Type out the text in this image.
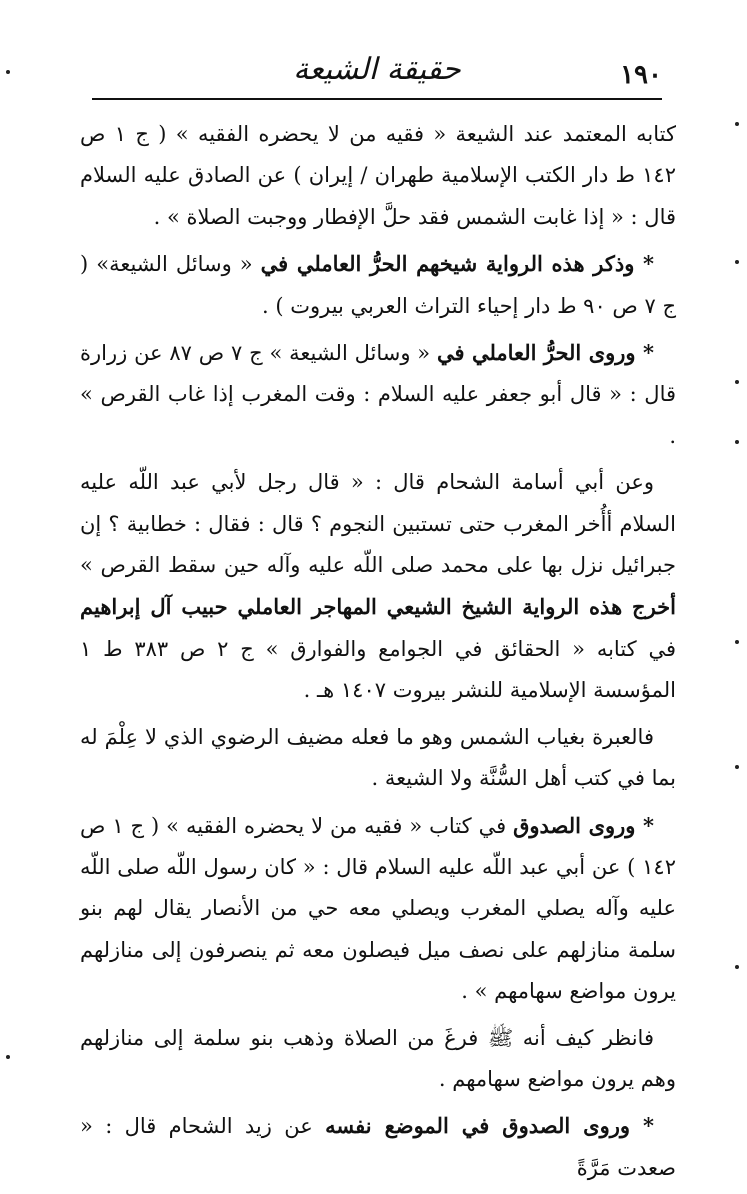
١٩٠
حقيقة الشيعة

كتابه المعتمد عند الشيعة « فقيه من لا يحضره الفقيه » ( ج ١ ص ١٤٢ ط دار الكتب الإسلامية طهران / إيران ) عن الصادق عليه السلام قال : « إذا غابت الشمس فقد حلَّ الإفطار ووجبت الصلاة » .

* وذكر هذه الرواية شيخهم الحرُّ العاملي في « وسائل الشيعة» ( ج ٧ ص ٩٠ ط دار إحياء التراث العربي بيروت ) .

* وروى الحرُّ العاملي في « وسائل الشيعة » ج ٧ ص ٨٧ عن زرارة قال : « قال أبو جعفر عليه السلام : وقت المغرب إذا غاب القرص » .

وعن أبي أسامة الشحام قال : « قال رجل لأبي عبد اللّه عليه السلام أأُخر المغرب حتى تستبين النجوم ؟ قال : فقال : خطابية ؟ إن جبرائيل نزل بها على محمد صلى اللّه عليه وآله حين سقط القرص » أخرج هذه الرواية الشيخ الشيعي المهاجر العاملي حبيب آل إبراهيم في كتابه « الحقائق في الجوامع والفوارق » ج ٢ ص ٣٨٣ ط ١ المؤسسة الإسلامية للنشر بيروت ١٤٠٧ هـ .

فالعبرة بغياب الشمس وهو ما فعله مضيف الرضوي الذي لا عِلْمَ له بما في كتب أهل السُّنَّة ولا الشيعة .

* وروى الصدوق في كتاب « فقيه من لا يحضره الفقيه » ( ج ١ ص ١٤٢ ) عن أبي عبد اللّه عليه السلام قال : « كان رسول اللّه صلى اللّه عليه وآله يصلي المغرب ويصلي معه حي من الأنصار يقال لهم بنو سلمة منازلهم على نصف ميل فيصلون معه ثم ينصرفون إلى منازلهم يرون مواضع سهامهم » .

فانظر كيف أنه ﷺ فرغَ من الصلاة وذهب بنو سلمة إلى منازلهم وهم يرون مواضع سهامهم .

* وروى الصدوق في الموضع نفسه عن زيد الشحام قال : « صعدت مَرَّةً
